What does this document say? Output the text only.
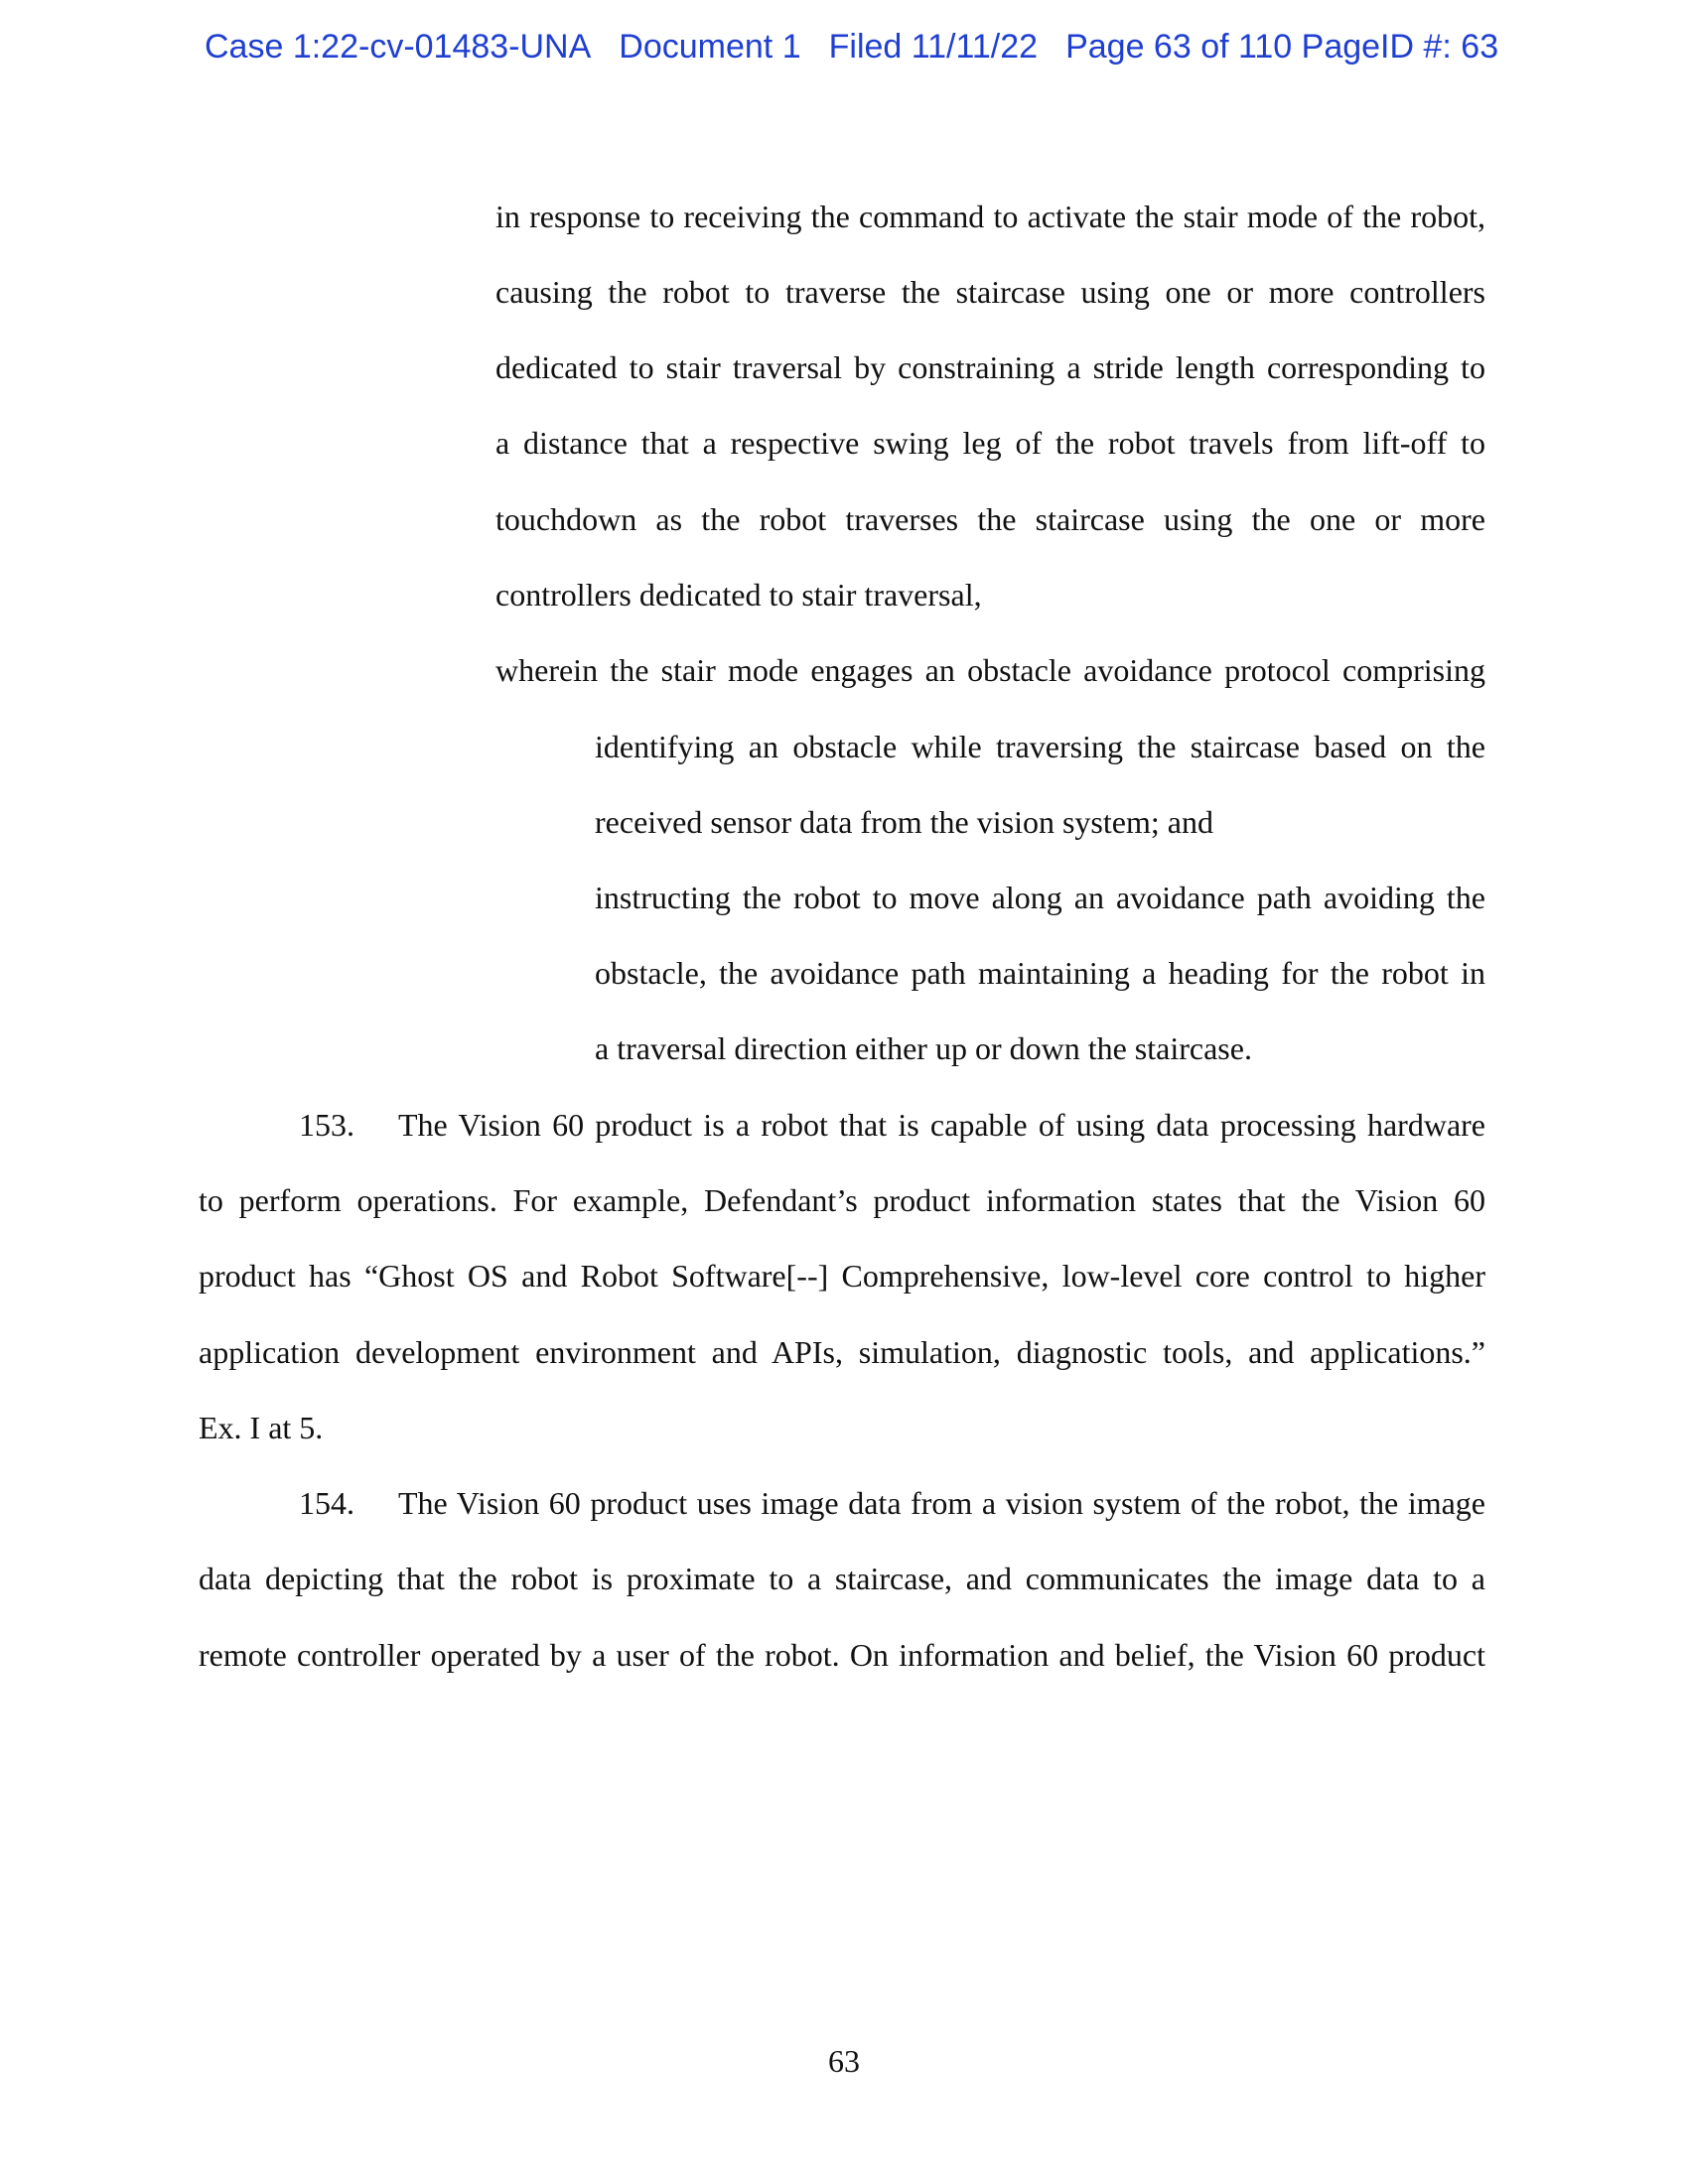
Case 1:22-cv-01483-UNA Document 1 Filed 11/11/22 Page 63 of 110 PageID #: 63
in response to receiving the command to activate the stair mode of the robot,
causing the robot to traverse the staircase using one or more controllers
dedicated to stair traversal by constraining a stride length corresponding to
a distance that a respective swing leg of the robot travels from lift-off to
touchdown as the robot traverses the staircase using the one or more
controllers dedicated to stair traversal,
wherein the stair mode engages an obstacle avoidance protocol comprising
identifying an obstacle while traversing the staircase based on the
received sensor data from the vision system; and
instructing the robot to move along an avoidance path avoiding the
obstacle, the avoidance path maintaining a heading for the robot in
a traversal direction either up or down the staircase.
153. The Vision 60 product is a robot that is capable of using data processing hardware
to perform operations. For example, Defendant’s product information states that the Vision 60
product has “Ghost OS and Robot Software[--] Comprehensive, low-level core control to higher
application development environment and APIs, simulation, diagnostic tools, and applications.”
Ex. I at 5.
154. The Vision 60 product uses image data from a vision system of the robot, the image
data depicting that the robot is proximate to a staircase, and communicates the image data to a
remote controller operated by a user of the robot. On information and belief, the Vision 60 product
63
